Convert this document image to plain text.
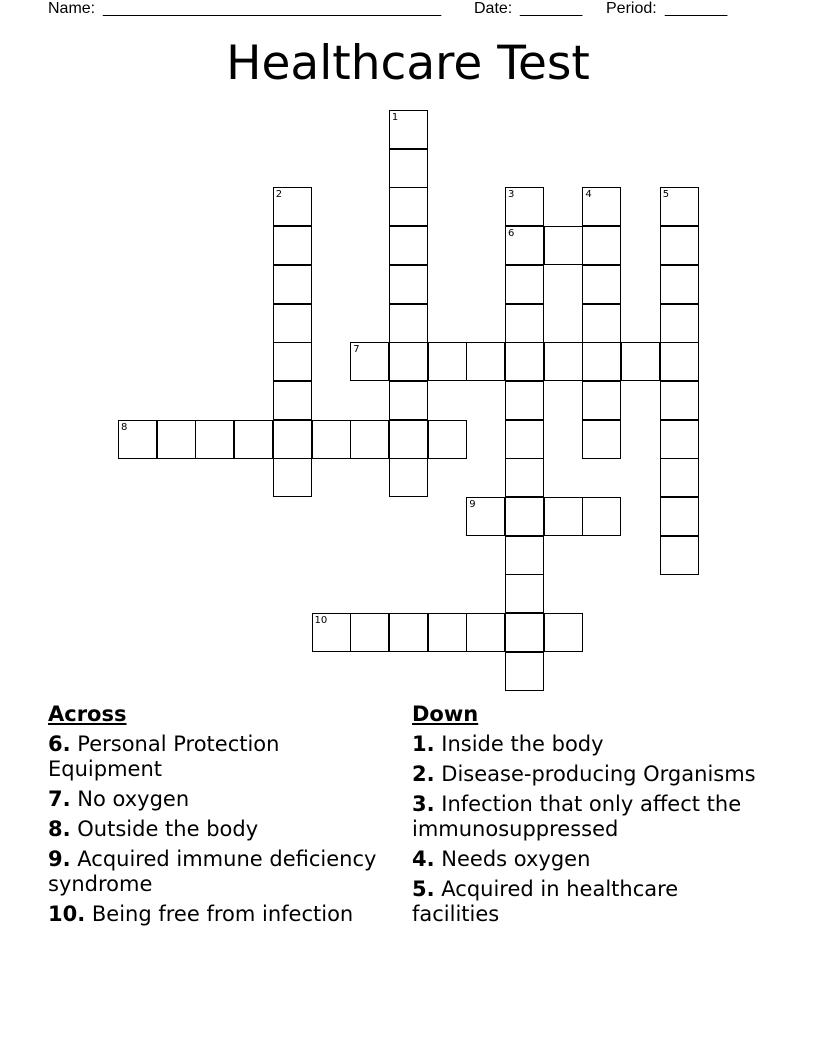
Name: ______________________________________ Date: _______ Period: _______
Healthcare Test
1
2	3
6
4	5
7
8
9
10
Across
6. Personal Protection Equipment
7. No oxygen
8. Outside the body
9. Acquired immune deficiency syndrome
10. Being free from infection
Down
1. Inside the body
2. Disease-producing Organisms
3. Infection that only affect the immunosuppressed
4. Needs oxygen
5. Acquired in healthcare facilities
